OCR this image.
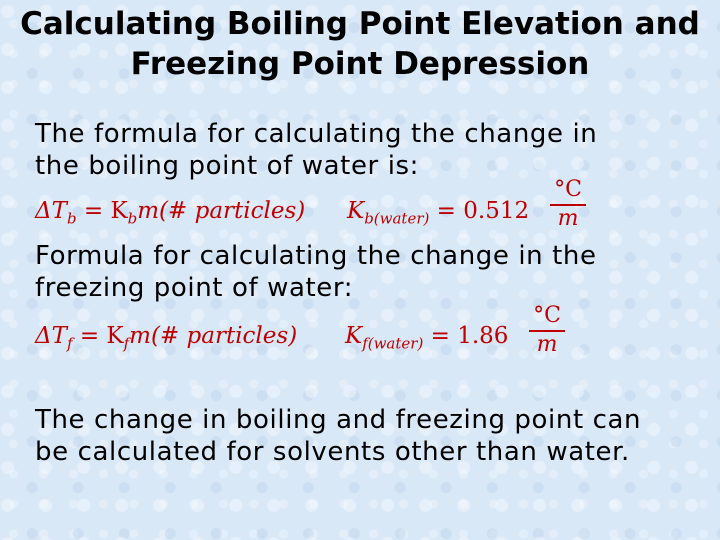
Calculating Boiling Point Elevation and
Freezing Point Depression
The formula for calculating the change in
the boiling point of water is:
$\Delta T_b$ = $K_bm(\#$ particles) $K_{b(water)} = 0.512$
°C
m
Formula for calculating the change in the
freezing point of water:
$\Delta T_f$ = $K_fm(\#$ particles) $K_{f(water)} = 1.86$
°C
m
The change in boiling and freezing point can
be calculated for solvents other than water.
